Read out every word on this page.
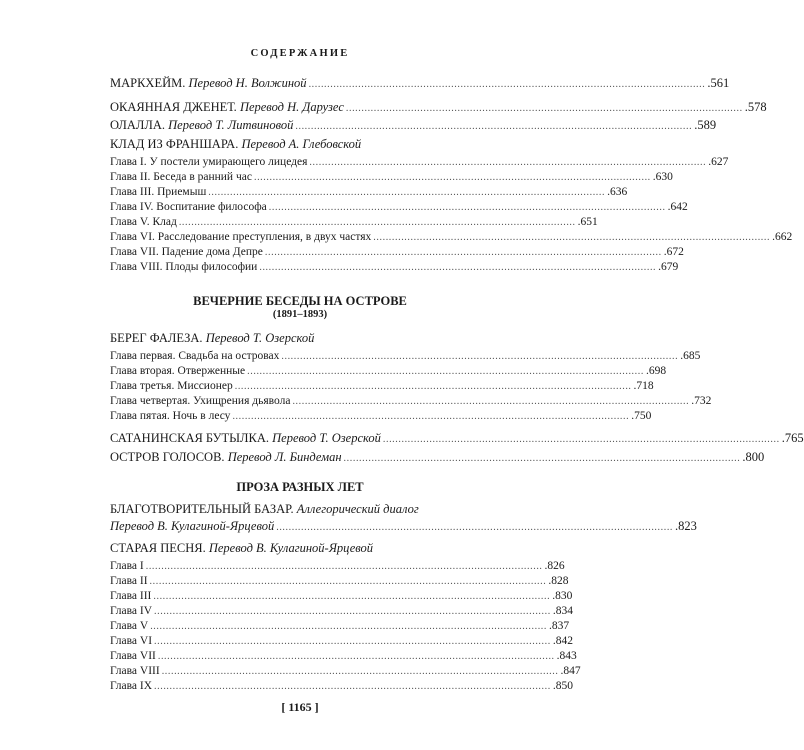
СОДЕРЖАНИЕ
МАРКХЕЙМ. Перевод Н. Волжиной ................................................................................................................................ .561
ОКАЯННАЯ ДЖЕНЕТ. Перевод Н. Дарузес ................................................................................................................................ .578
ОЛАЛЛА. Перевод Т. Литвиновой ................................................................................................................................ .589
КЛАД ИЗ ФРАНШАРА. Перевод А. Глебовской
Глава I. У постели умирающего лицедея ................................................................................................................................ .627
Глава II. Беседа в ранний час ................................................................................................................................ .630
Глава III. Приемыш ................................................................................................................................ .636
Глава IV. Воспитание философа ................................................................................................................................ .642
Глава V. Клад ................................................................................................................................ .651
Глава VI. Расследование преступления, в двух частях ................................................................................................................................ .662
Глава VII. Падение дома Депре ................................................................................................................................ .672
Глава VIII. Плоды философии ................................................................................................................................ .679
ВЕЧЕРНИЕ БЕСЕДЫ НА ОСТРОВЕ
(1891–1893)
БЕРЕГ ФАЛЕЗА. Перевод Т. Озерской
Глава первая. Свадьба на островах ................................................................................................................................ .685
Глава вторая. Отверженные ................................................................................................................................ .698
Глава третья. Миссионер ................................................................................................................................ .718
Глава четвертая. Ухищрения дьявола ................................................................................................................................ .732
Глава пятая. Ночь в лесу ................................................................................................................................ .750
САТАНИНСКАЯ БУТЫЛКА. Перевод Т. Озерской ................................................................................................................................ .765
ОСТРОВ ГОЛОСОВ. Перевод Л. Биндеман ................................................................................................................................ .800
ПРОЗА РАЗНЫХ ЛЕТ
БЛАГОТВОРИТЕЛЬНЫЙ БАЗАР. Аллегорический диалог
Перевод В. Кулагиной-Ярцевой ................................................................................................................................ .823
СТАРАЯ ПЕСНЯ. Перевод В. Кулагиной-Ярцевой
Глава I ................................................................................................................................ .826
Глава II ................................................................................................................................ .828
Глава III ................................................................................................................................ .830
Глава IV ................................................................................................................................ .834
Глава V ................................................................................................................................ .837
Глава VI ................................................................................................................................ .842
Глава VII ................................................................................................................................ .843
Глава VIII ................................................................................................................................ .847
Глава IX ................................................................................................................................ .850
[ 1165 ]
